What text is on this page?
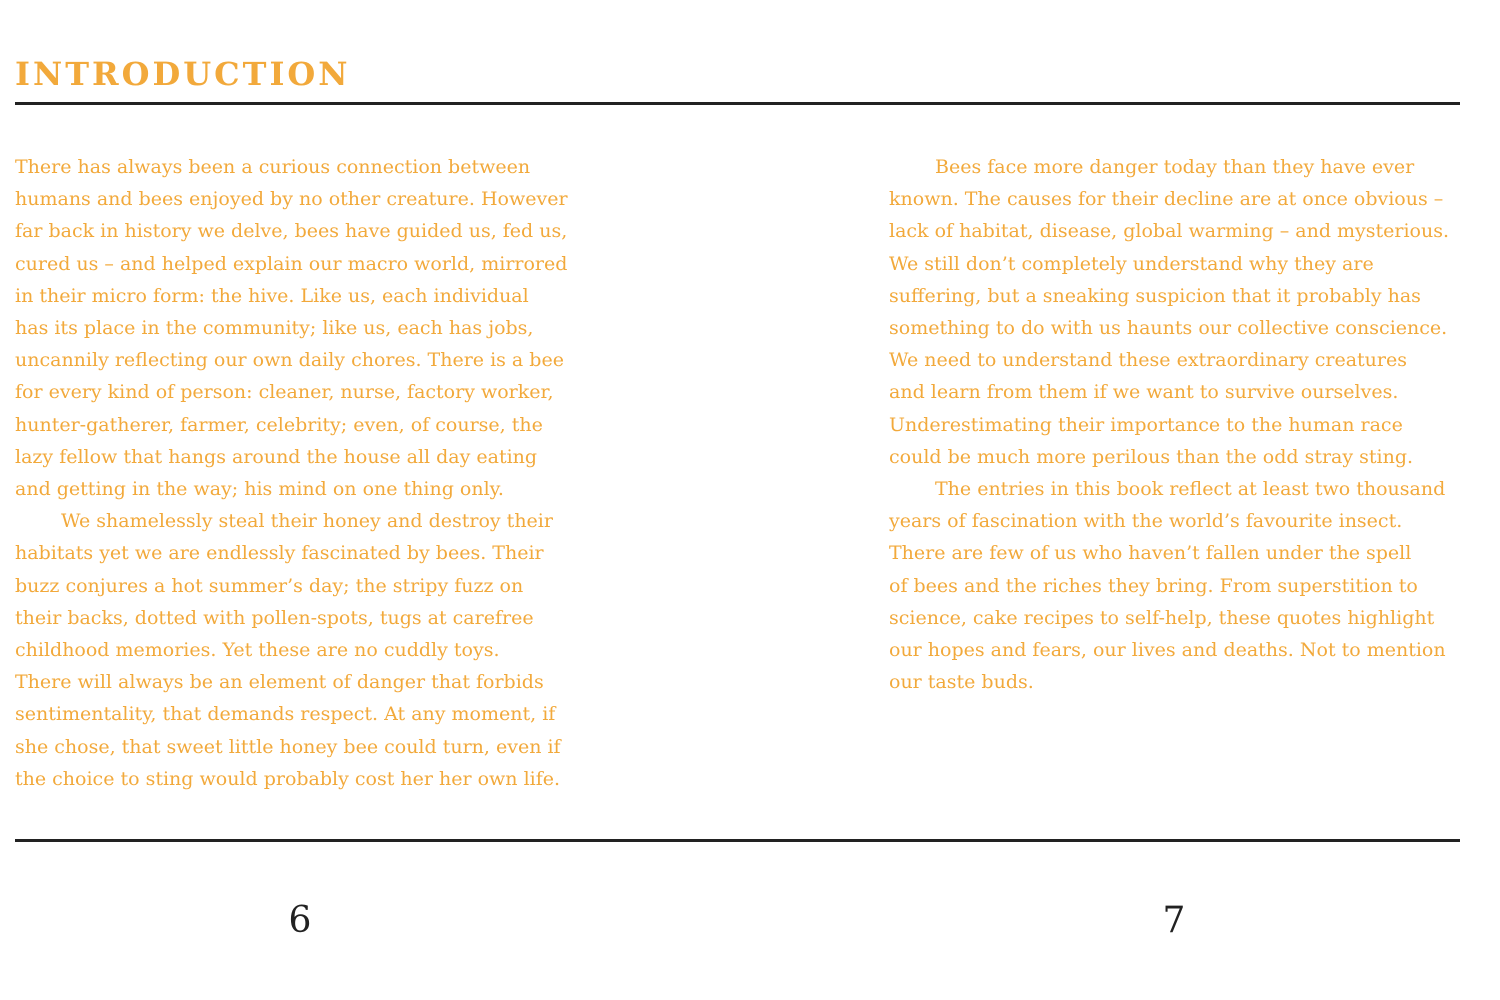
INTRODUCTION
There has always been a curious connection between
humans and bees enjoyed by no other creature. However
far back in history we delve, bees have guided us, fed us,
cured us – and helped explain our macro world, mirrored
in their micro form: the hive. Like us, each individual
has its place in the community; like us, each has jobs,
uncannily reflecting our own daily chores. There is a bee
for every kind of person: cleaner, nurse, factory worker,
hunter-gatherer, farmer, celebrity; even, of course, the
lazy fellow that hangs around the house all day eating
and getting in the way; his mind on one thing only.
We shamelessly steal their honey and destroy their
habitats yet we are endlessly fascinated by bees. Their
buzz conjures a hot summer’s day; the stripy fuzz on
their backs, dotted with pollen-spots, tugs at carefree
childhood memories. Yet these are no cuddly toys.
There will always be an element of danger that forbids
sentimentality, that demands respect. At any moment, if
she chose, that sweet little honey bee could turn, even if
the choice to sting would probably cost her her own life.
Bees face more danger today than they have ever
known. The causes for their decline are at once obvious –
lack of habitat, disease, global warming – and mysterious.
We still don’t completely understand why they are
suffering, but a sneaking suspicion that it probably has
something to do with us haunts our collective conscience.
We need to understand these extraordinary creatures
and learn from them if we want to survive ourselves.
Underestimating their importance to the human race
could be much more perilous than the odd stray sting.
The entries in this book reflect at least two thousand
years of fascination with the world’s favourite insect.
There are few of us who haven’t fallen under the spell
of bees and the riches they bring. From superstition to
science, cake recipes to self-help, these quotes highlight
our hopes and fears, our lives and deaths. Not to mention
our taste buds.
6	7
